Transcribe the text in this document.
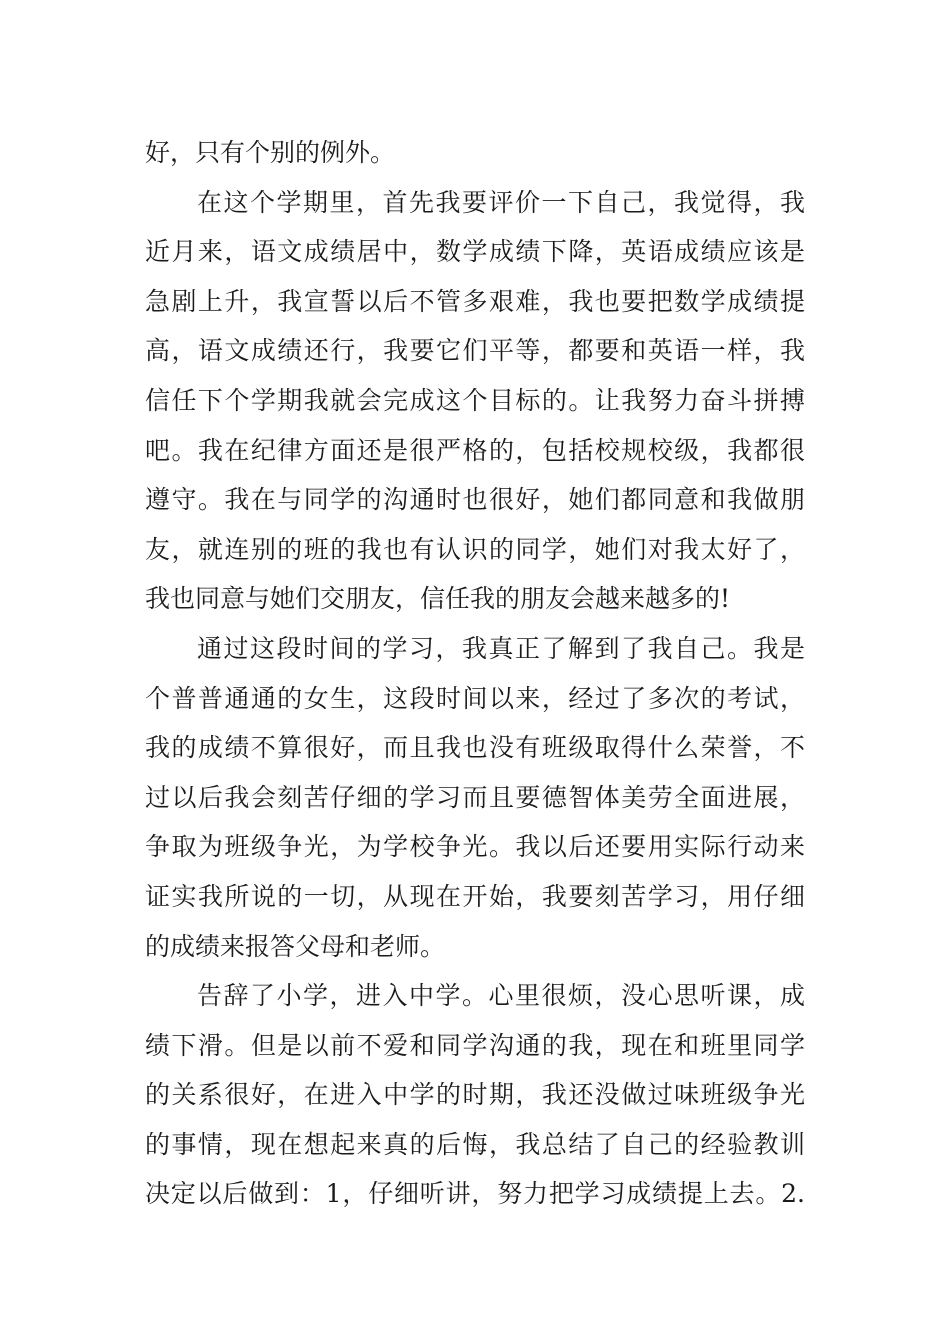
好，只有个别的例外。
在这个学期里，首先我要评价一下自己，我觉得，我
近月来，语文成绩居中，数学成绩下降，英语成绩应该是
急剧上升，我宣誓以后不管多艰难，我也要把数学成绩提
高，语文成绩还行，我要它们平等，都要和英语一样，我
信任下个学期我就会完成这个目标的。让我努力奋斗拼搏
吧。我在纪律方面还是很严格的，包括校规校级，我都很
遵守。我在与同学的沟通时也很好，她们都同意和我做朋
友，就连别的班的我也有认识的同学，她们对我太好了，
我也同意与她们交朋友，信任我的朋友会越来越多的!
通过这段时间的学习，我真正了解到了我自己。我是
个普普通通的女生，这段时间以来，经过了多次的考试，
我的成绩不算很好，而且我也没有班级取得什么荣誉，不
过以后我会刻苦仔细的学习而且要德智体美劳全面进展，
争取为班级争光，为学校争光。我以后还要用实际行动来
证实我所说的一切，从现在开始，我要刻苦学习，用仔细
的成绩来报答父母和老师。
告辞了小学，进入中学。心里很烦，没心思听课，成
绩下滑。但是以前不爱和同学沟通的我，现在和班里同学
的关系很好，在进入中学的时期，我还没做过味班级争光
的事情，现在想起来真的后悔，我总结了自己的经验教训
决定以后做到：1，仔细听讲，努力把学习成绩提上去。2.
